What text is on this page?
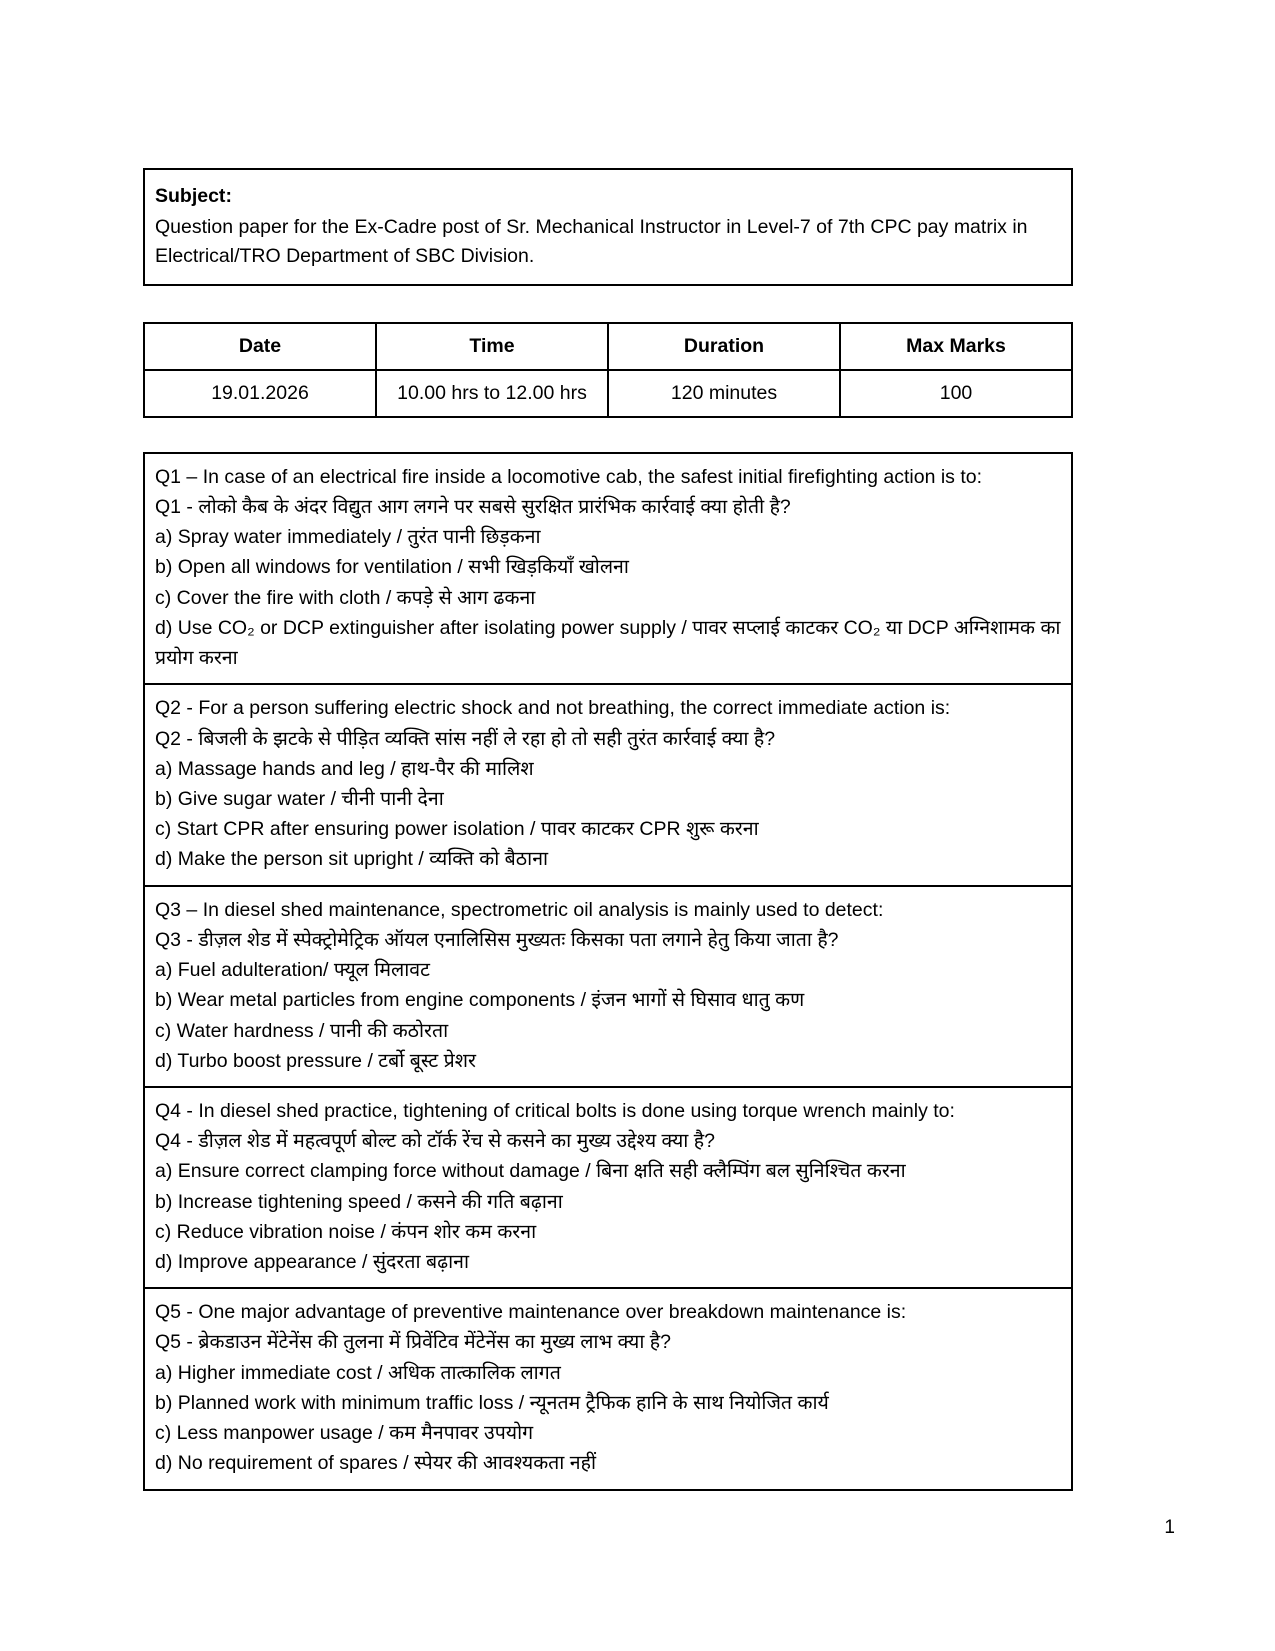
Subject:
Question paper for the Ex-Cadre post of Sr. Mechanical Instructor in Level-7 of 7th CPC pay matrix in Electrical/TRO Department of SBC Division.
Date	Time	Duration	Max Marks
19.01.2026	10.00 hrs to 12.00 hrs	120 minutes	100
Q1 – In case of an electrical fire inside a locomotive cab, the safest initial firefighting action is to:
Q1 - लोको कैब के अंदर विद्युत आग लगने पर सबसे सुरक्षित प्रारंभिक कार्रवाई क्या होती है?
a) Spray water immediately / तुरंत पानी छिड़कना
b) Open all windows for ventilation / सभी खिड़कियाँ खोलना
c) Cover the fire with cloth / कपड़े से आग ढकना
d) Use CO₂ or DCP extinguisher after isolating power supply / पावर सप्लाई काटकर CO₂ या DCP अग्निशामक का प्रयोग करना
Q2 - For a person suffering electric shock and not breathing, the correct immediate action is:
Q2 - बिजली के झटके से पीड़ित व्यक्ति सांस नहीं ले रहा हो तो सही तुरंत कार्रवाई क्या है?
a) Massage hands and leg / हाथ-पैर की मालिश
b) Give sugar water / चीनी पानी देना
c) Start CPR after ensuring power isolation / पावर काटकर CPR शुरू करना
d) Make the person sit upright / व्यक्ति को बैठाना
Q3 – In diesel shed maintenance, spectrometric oil analysis is mainly used to detect:
Q3 - डीज़ल शेड में स्पेक्ट्रोमेट्रिक ऑयल एनालिसिस मुख्यतः किसका पता लगाने हेतु किया जाता है?
a) Fuel adulteration/ फ्यूल मिलावट
b) Wear metal particles from engine components / इंजन भागों से घिसाव धातु कण
c) Water hardness / पानी की कठोरता
d) Turbo boost pressure / टर्बो बूस्ट प्रेशर
Q4 - In diesel shed practice, tightening of critical bolts is done using torque wrench mainly to:
Q4 - डीज़ल शेड में महत्वपूर्ण बोल्ट को टॉर्क रेंच से कसने का मुख्य उद्देश्य क्या है?
a) Ensure correct clamping force without damage / बिना क्षति सही क्लैम्पिंग बल सुनिश्चित करना
b) Increase tightening speed / कसने की गति बढ़ाना
c) Reduce vibration noise / कंपन शोर कम करना
d) Improve appearance / सुंदरता बढ़ाना
Q5 - One major advantage of preventive maintenance over breakdown maintenance is:
Q5 - ब्रेकडाउन मेंटेनेंस की तुलना में प्रिवेंटिव मेंटेनेंस का मुख्य लाभ क्या है?
a) Higher immediate cost / अधिक तात्कालिक लागत
b) Planned work with minimum traffic loss / न्यूनतम ट्रैफिक हानि के साथ नियोजित कार्य
c) Less manpower usage / कम मैनपावर उपयोग
d) No requirement of spares / स्पेयर की आवश्यकता नहीं
1
